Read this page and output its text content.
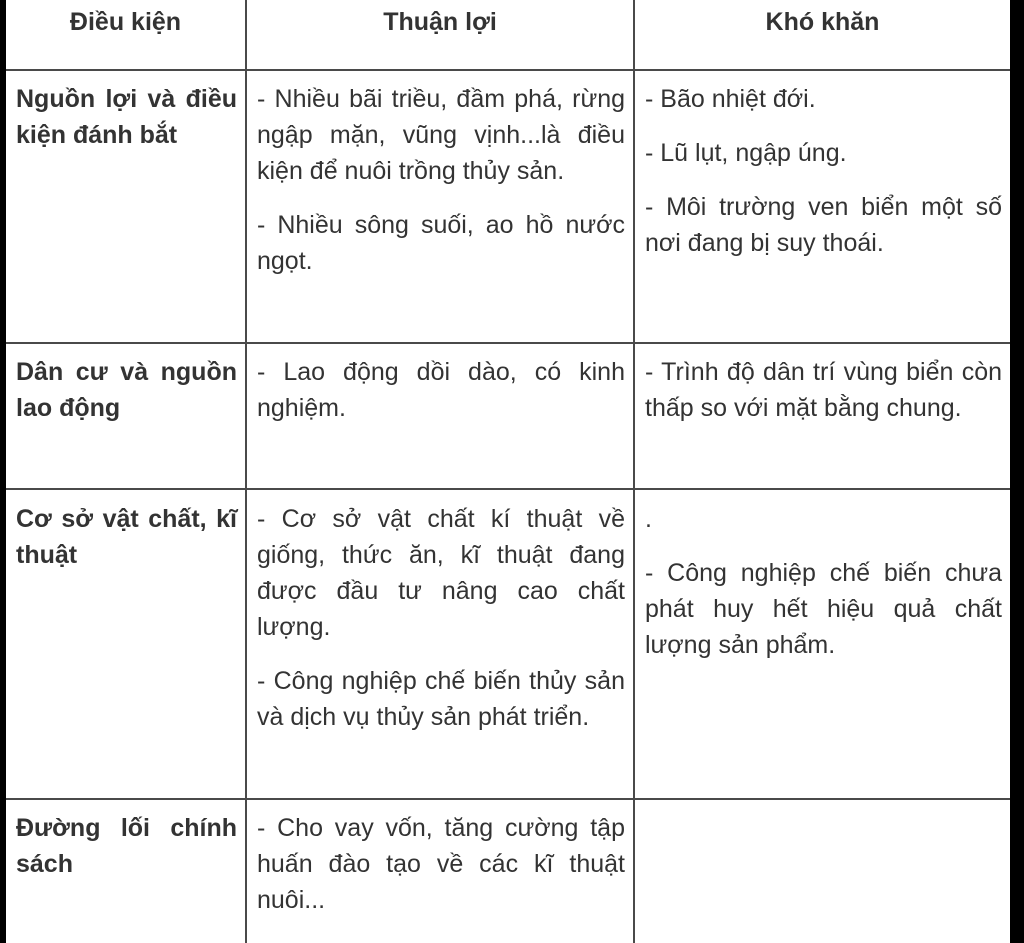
Điều kiện	Thuận lợi	Khó khăn

Nguồn lợi và điều kiện đánh bắt

- Nhiều bãi triều, đầm phá, rừng ngập mặn, vũng vịnh...là điều kiện để nuôi trồng thủy sản.

- Nhiều sông suối, ao hồ nước ngọt.

- Bão nhiệt đới.

- Lũ lụt, ngập úng.

- Môi trường ven biển một số nơi đang bị suy thoái.

Dân cư và nguồn lao động

- Lao động dồi dào, có kinh nghiệm.

- Trình độ dân trí vùng biển còn thấp so với mặt bằng chung.

Cơ sở vật chất, kĩ thuật

- Cơ sở vật chất kí thuật về giống, thức ăn, kĩ thuật đang được đầu tư nâng cao chất lượng.

- Công nghiệp chế biến thủy sản và dịch vụ thủy sản phát triển.

.

- Công nghiệp chế biến chưa phát huy hết hiệu quả chất lượng sản phẩm.

Đường lối chính sách

- Cho vay vốn, tăng cường tập huấn đào tạo về các kĩ thuật nuôi...
